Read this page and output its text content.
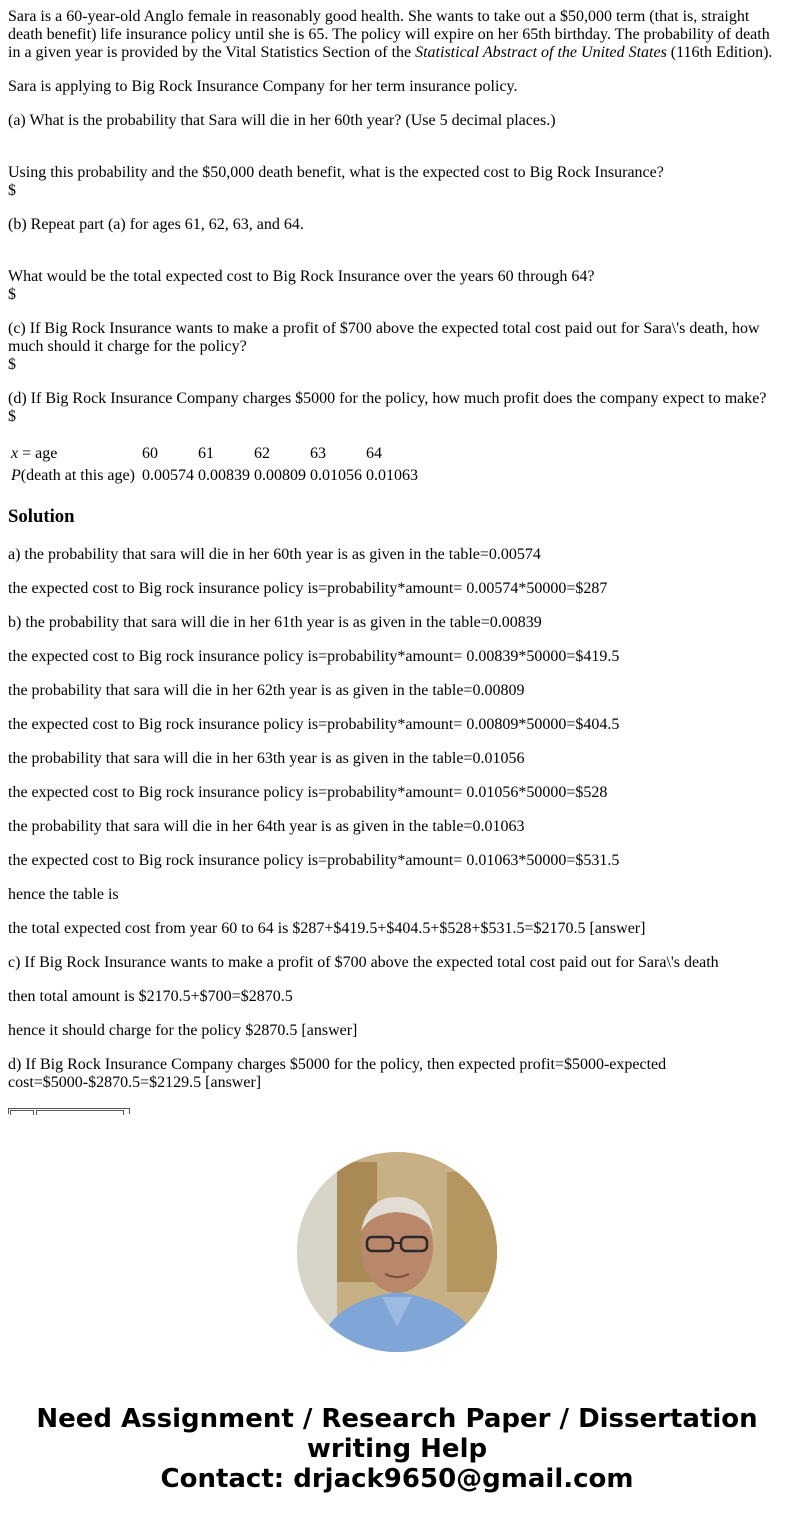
Sara is a 60-year-old Anglo female in reasonably good health. She wants to take out a $50,000 term (that is, straight death benefit) life insurance policy until she is 65. The policy will expire on her 65th birthday. The probability of death in a given year is provided by the Vital Statistics Section of the Statistical Abstract of the United States (116th Edition).

Sara is applying to Big Rock Insurance Company for her term insurance policy.

(a) What is the probability that Sara will die in her 60th year? (Use 5 decimal places.)

Using this probability and the $50,000 death benefit, what is the expected cost to Big Rock Insurance?
$

(b) Repeat part (a) for ages 61, 62, 63, and 64.

What would be the total expected cost to Big Rock Insurance over the years 60 through 64?
$

(c) If Big Rock Insurance wants to make a profit of $700 above the expected total cost paid out for Sara\'s death, how much should it charge for the policy?
$

(d) If Big Rock Insurance Company charges $5000 for the policy, how much profit does the company expect to make?
$

x = age	60	61	62	63	64
P(death at this age)	0.00574	0.00839	0.00809	0.01056	0.01063
Solution

a) the probability that sara will die in her 60th year is as given in the table=0.00574

the expected cost to Big rock insurance policy is=probability*amount= 0.00574*50000=$287

b) the probability that sara will die in her 61th year is as given in the table=0.00839

the expected cost to Big rock insurance policy is=probability*amount= 0.00839*50000=$419.5

the probability that sara will die in her 62th year is as given in the table=0.00809

the expected cost to Big rock insurance policy is=probability*amount= 0.00809*50000=$404.5

the probability that sara will die in her 63th year is as given in the table=0.01056

the expected cost to Big rock insurance policy is=probability*amount= 0.01056*50000=$528

the probability that sara will die in her 64th year is as given in the table=0.01063

the expected cost to Big rock insurance policy is=probability*amount= 0.01063*50000=$531.5

hence the table is

the total expected cost from year 60 to 64 is $287+$419.5+$404.5+$528+$531.5=$2170.5 [answer]

c) If Big Rock Insurance wants to make a profit of $700 above the expected total cost paid out for Sara\'s death

then total amount is $2170.5+$700=$2870.5

hence it should charge for the policy $2870.5 [answer]

d) If Big Rock Insurance Company charges $5000 for the policy, then expected profit=$5000-expected cost=$5000-$2870.5=$2129.5 [answer]

Need Assignment / Research Paper / Dissertation
writing Help
Contact: drjack9650@gmail.com
